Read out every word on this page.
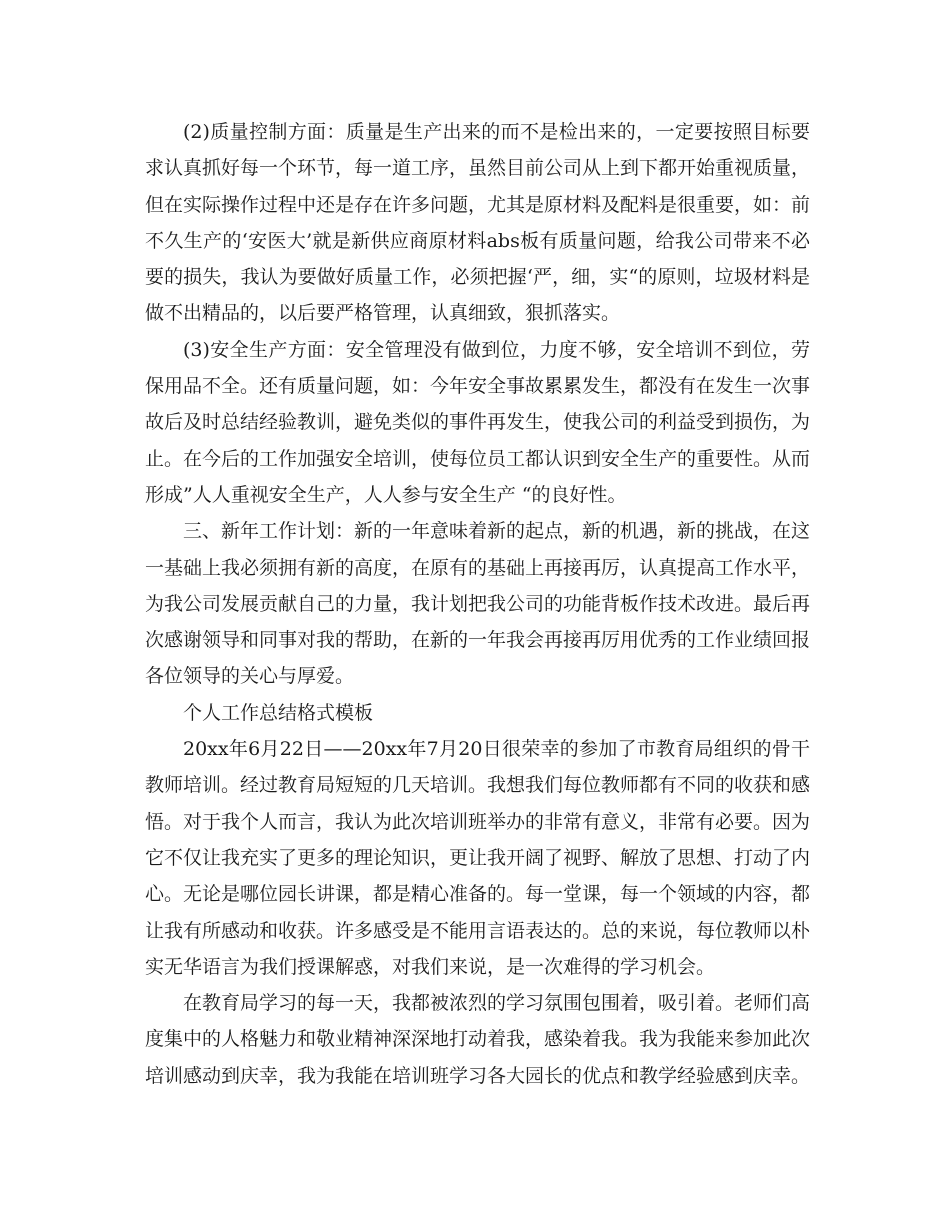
(2)质量控制方面：质量是生产出来的而不是检出来的，一定要按照目标要求认真抓好每一个环节，每一道工序，虽然目前公司从上到下都开始重视质量，但在实际操作过程中还是存在许多问题，尤其是原材料及配料是很重要，如：前不久生产的‘安医大’就是新供应商原材料abs板有质量问题，给我公司带来不必要的损失，我认为要做好质量工作，必须把握‘严，细，实“的原则，垃圾材料是做不出精品的，以后要严格管理，认真细致，狠抓落实。

(3)安全生产方面：安全管理没有做到位，力度不够，安全培训不到位，劳保用品不全。还有质量问题，如：今年安全事故累累发生，都没有在发生一次事故后及时总结经验教训，避免类似的事件再发生，使我公司的利益受到损伤，为止。在今后的工作加强安全培训，使每位员工都认识到安全生产的重要性。从而形成”人人重视安全生产，人人参与安全生产 “的良好性。

三、新年工作计划：新的一年意味着新的起点，新的机遇，新的挑战，在这一基础上我必须拥有新的高度，在原有的基础上再接再厉，认真提高工作水平，为我公司发展贡献自己的力量，我计划把我公司的功能背板作技术改进。最后再次感谢领导和同事对我的帮助，在新的一年我会再接再厉用优秀的工作业绩回报各位领导的关心与厚爱。

个人工作总结格式模板

20xx年6月22日——20xx年7月20日很荣幸的参加了市教育局组织的骨干教师培训。经过教育局短短的几天培训。我想我们每位教师都有不同的收获和感悟。对于我个人而言，我认为此次培训班举办的非常有意义，非常有必要。因为它不仅让我充实了更多的理论知识，更让我开阔了视野、解放了思想、打动了内心。无论是哪位园长讲课，都是精心准备的。每一堂课，每一个领域的内容，都让我有所感动和收获。许多感受是不能用言语表达的。总的来说，每位教师以朴实无华语言为我们授课解惑，对我们来说，是一次难得的学习机会。

在教育局学习的每一天，我都被浓烈的学习氛围包围着，吸引着。老师们高度集中的人格魅力和敬业精神深深地打动着我，感染着我。我为我能来参加此次培训感动到庆幸，我为我能在培训班学习各大园长的优点和教学经验感到庆幸。
